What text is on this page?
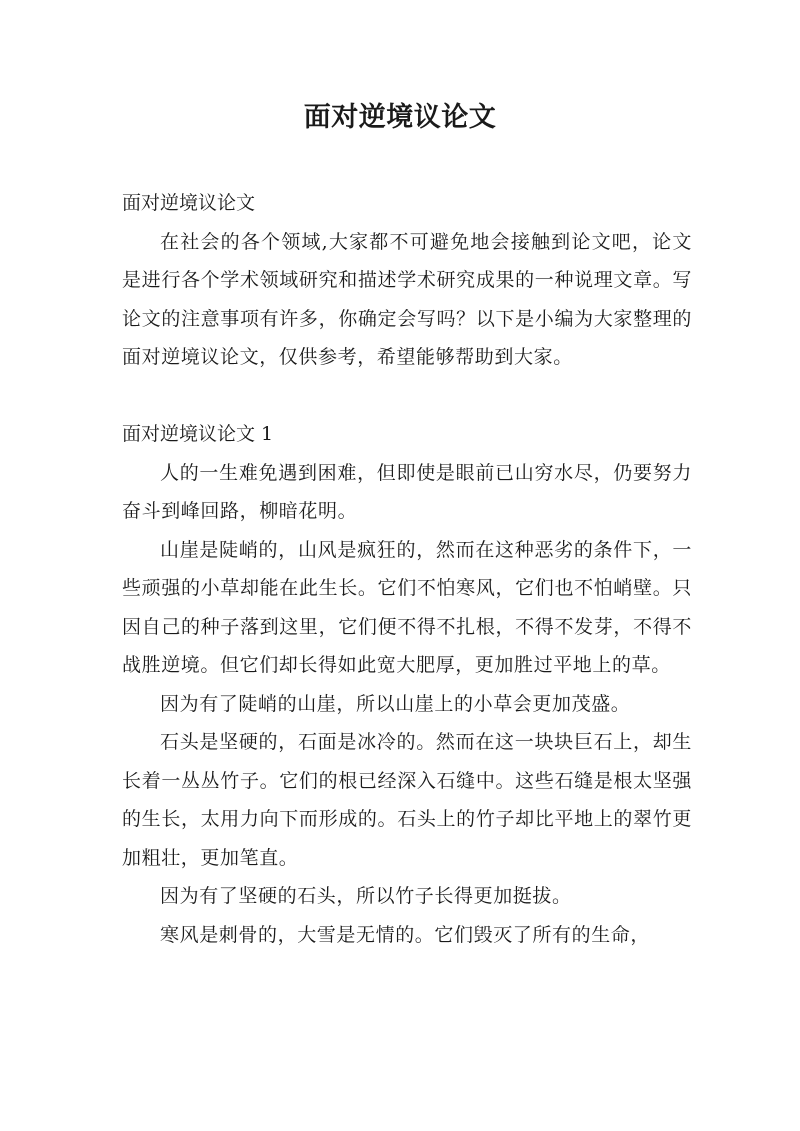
面对逆境议论文

面对逆境议论文

在社会的各个领域,大家都不可避免地会接触到论文吧，论文是进行各个学术领域研究和描述学术研究成果的一种说理文章。写论文的注意事项有许多，你确定会写吗？以下是小编为大家整理的面对逆境议论文，仅供参考，希望能够帮助到大家。

面对逆境议论文 1

人的一生难免遇到困难，但即使是眼前已山穷水尽，仍要努力奋斗到峰回路，柳暗花明。

山崖是陡峭的，山风是疯狂的，然而在这种恶劣的条件下，一些顽强的小草却能在此生长。它们不怕寒风，它们也不怕峭壁。只因自己的种子落到这里，它们便不得不扎根，不得不发芽，不得不战胜逆境。但它们却长得如此宽大肥厚，更加胜过平地上的草。

因为有了陡峭的山崖，所以山崖上的小草会更加茂盛。

石头是坚硬的，石面是冰冷的。然而在这一块块巨石上，却生长着一丛丛竹子。它们的根已经深入石缝中。这些石缝是根太坚强的生长，太用力向下而形成的。石头上的竹子却比平地上的翠竹更加粗壮，更加笔直。

因为有了坚硬的石头，所以竹子长得更加挺拔。

寒风是刺骨的，大雪是无情的。它们毁灭了所有的生命，
